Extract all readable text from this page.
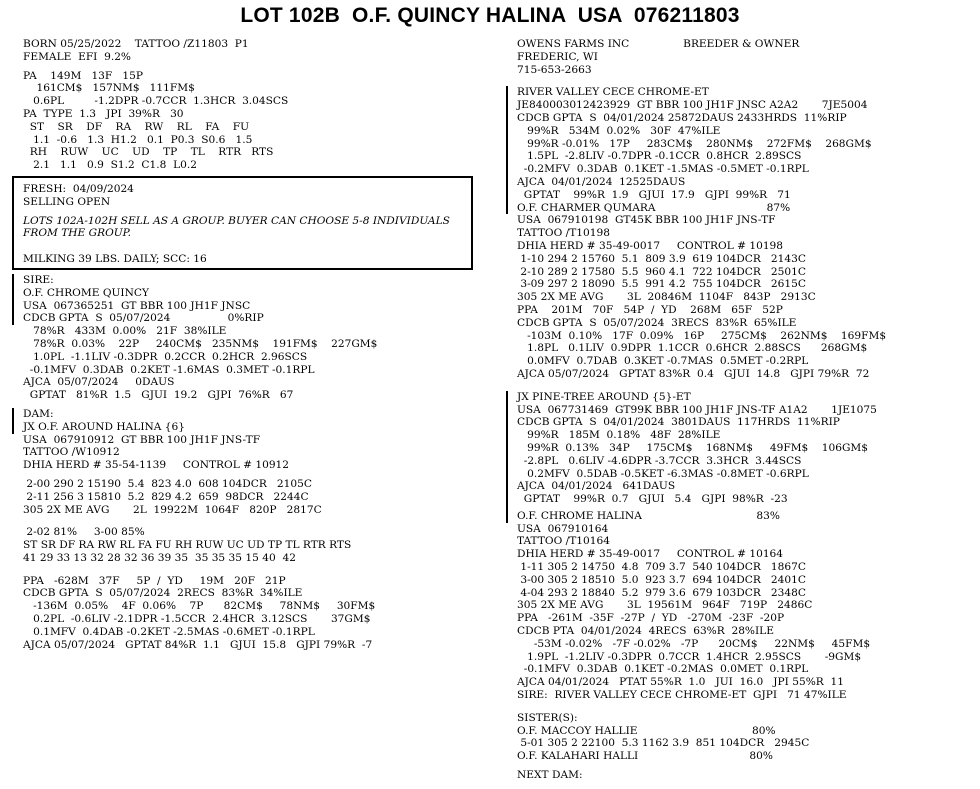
LOT 102B  O.F. QUINCY HALINA  USA  076211803
BORN 05/25/2022    TATTOO /Z11803  P1
FEMALE  EFI  9.2%
PA    149M   13F   15P
161CM$   157NM$   111FM$
0.6PL         -1.2DPR -0.7CCR  1.3HCR  3.04SCS
PA  TYPE  1.3   JPI  39%R   30
ST    SR    DF    RA    RW    RL    FA    FU
1.1  -0.6   1.3  H1.2   0.1  P0.3  S0.6   1.5
RH    RUW    UC    UD    TP    TL    RTR   RTS
2.1   1.1   0.9  S1.2  C1.8  L0.2
FRESH:  04/09/2024
SELLING OPEN
LOTS 102A-102H SELL AS A GROUP. BUYER CAN CHOOSE 5-8 INDIVIDUALS
FROM THE GROUP.
MILKING 39 LBS. DAILY; SCC: 16
SIRE:
O.F. CHROME QUINCY
USA  067365251  GT BBR 100 JH1F JNSC
CDCB GPTA  S  05/07/2024                 0%RIP
78%R   433M  0.00%   21F  38%ILE
78%R  0.03%    22P     240CM$   235NM$    191FM$    227GM$
1.0PL  -1.1LIV -0.3DPR  0.2CCR  0.2HCR  2.96SCS
-0.1MFV  0.3DAB  0.2KET -1.6MAS  0.3MET -0.1RPL
AJCA  05/07/2024     0DAUS
GPTAT   81%R  1.5   GJUI  19.2   GJPI  76%R   67
DAM:
JX O.F. AROUND HALINA {6}
USA  067910912  GT BBR 100 JH1F JNS-TF
TATTOO /W10912
DHIA HERD # 35-54-1139     CONTROL # 10912
2-00 290 2 15190  5.4  823 4.0  608 104DCR   2105C
2-11 256 3 15810  5.2  829 4.2  659  98DCR   2244C
305 2X ME AVG       2L  19922M  1064F   820P   2817C
2-02 81%     3-00 85%
ST SR DF RA RW RL FA FU RH RUW UC UD TP TL RTR RTS
41 29 33 13 32 28 32 36 39 35  35 35 35 15 40  42
PPA   -628M   37F     5P  /  YD     19M   20F   21P
CDCB GPTA  S  05/07/2024  2RECS  83%R  34%ILE
-136M  0.05%    4F  0.06%    7P      82CM$     78NM$     30FM$
0.2PL  -0.6LIV -2.1DPR -1.5CCR  2.4HCR  3.12SCS       37GM$
0.1MFV  0.4DAB -0.2KET -2.5MAS -0.6MET -0.1RPL
AJCA 05/07/2024   GPTAT 84%R  1.1   GJUI  15.8   GJPI 79%R  -7
OWENS FARMS INC                BREEDER & OWNER
FREDERIC, WI
715-653-2663
RIVER VALLEY CECE CHROME-ET
JE840003012423929  GT BBR 100 JH1F JNSC A2A2       7JE5004
CDCB GPTA  S  04/01/2024 25872DAUS 2433HRDS  11%RIP
99%R   534M  0.02%   30F  47%ILE
99%R -0.01%   17P     283CM$    280NM$    272FM$    268GM$
1.5PL  -2.8LIV -0.7DPR -0.1CCR  0.8HCR  2.89SCS
-0.2MFV  0.3DAB  0.1KET -1.5MAS -0.5MET -0.1RPL
AJCA  04/01/2024  12525DAUS
GPTAT    99%R  1.9   GJUI  17.9   GJPI  99%R   71
O.F. CHARMER QUMARA                                 87%
USA  067910198  GT45K BBR 100 JH1F JNS-TF
TATTOO /T10198
DHIA HERD # 35-49-0017     CONTROL # 10198
1-10 294 2 15760  5.1  809 3.9  619 104DCR   2143C
2-10 289 2 17580  5.5  960 4.1  722 104DCR   2501C
3-09 297 2 18090  5.5  991 4.2  755 104DCR   2615C
305 2X ME AVG       3L  20846M  1104F   843P   2913C
PPA    201M   70F   54P  /  YD    268M   65F   52P
CDCB GPTA  S  05/07/2024  3RECS  83%R  65%ILE
-103M  0.10%   17F  0.09%   16P     275CM$    262NM$    169FM$
1.8PL   0.1LIV  0.9DPR  1.1CCR  0.6HCR  2.88SCS      268GM$
0.0MFV  0.7DAB  0.3KET -0.7MAS  0.5MET -0.2RPL
AJCA 05/07/2024   GPTAT 83%R  0.4   GJUI  14.8   GJPI 79%R  72
JX PINE-TREE AROUND {5}-ET
USA  067731469  GT99K BBR 100 JH1F JNS-TF A1A2       1JE1075
CDCB GPTA  S  04/01/2024  3801DAUS  117HRDS  11%RIP
99%R   185M  0.18%   48F  28%ILE
99%R  0.13%   34P     175CM$    168NM$     49FM$    106GM$
-2.8PL   0.6LIV -4.6DPR -3.7CCR  3.3HCR  3.44SCS
0.2MFV  0.5DAB -0.5KET -6.3MAS -0.8MET -0.6RPL
AJCA  04/01/2024   641DAUS
GPTAT    99%R  0.7   GJUI   5.4   GJPI  98%R  -23
O.F. CHROME HALINA                                  83%
USA  067910164
TATTOO /T10164
DHIA HERD # 35-49-0017     CONTROL # 10164
1-11 305 2 14750  4.8  709 3.7  540 104DCR   1867C
3-00 305 2 18510  5.0  923 3.7  694 104DCR   2401C
4-04 293 2 18840  5.2  979 3.6  679 103DCR   2348C
305 2X ME AVG       3L  19561M   964F   719P   2486C
PPA   -261M  -35F  -27P  /  YD   -270M  -23F  -20P
CDCB PTA  04/01/2024  4RECS  63%R  28%ILE
-53M -0.02%   -7F -0.02%   -7P      20CM$     22NM$     45FM$
1.9PL  -1.2LIV -0.3DPR  0.7CCR  1.4HCR  2.95SCS       -9GM$
-0.1MFV  0.3DAB  0.1KET -0.2MAS  0.0MET  0.1RPL
AJCA 04/01/2024   PTAT 55%R  1.0   JUI  16.0   JPI 55%R  11
SIRE:  RIVER VALLEY CECE CHROME-ET  GJPI   71 47%ILE
SISTER(S):
O.F. MACCOY HALLIE                                  80%
5-01 305 2 22100  5.3 1162 3.9  851 104DCR   2945C
O.F. KALAHARI HALLI                                 80%
NEXT DAM:
